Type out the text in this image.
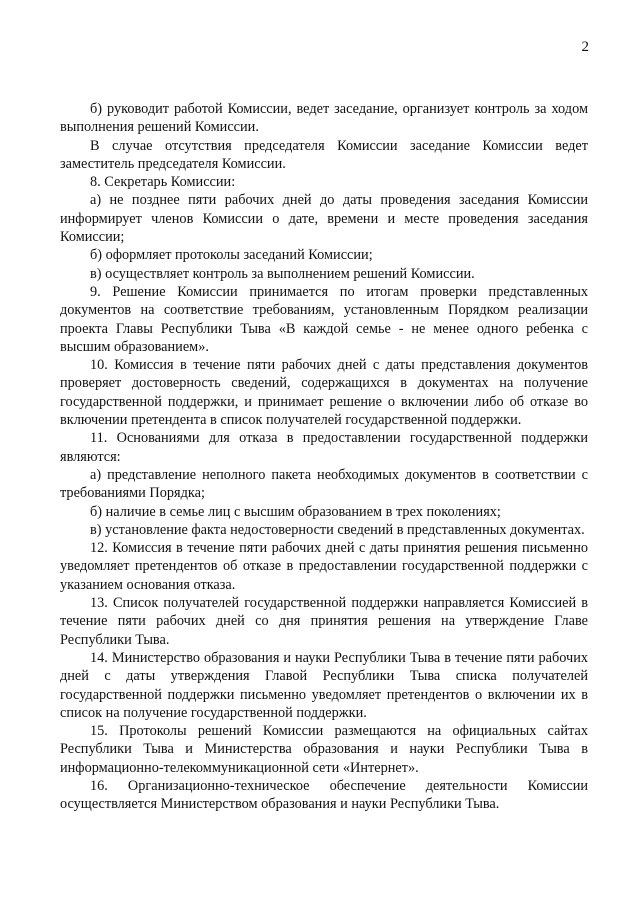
2

б) руководит работой Комиссии, ведет заседание, организует контроль за ходом выполнения решений Комиссии.

В случае отсутствия председателя Комиссии заседание Комиссии ведет заместитель председателя Комиссии.

8. Секретарь Комиссии:

а) не позднее пяти рабочих дней до даты проведения заседания Комиссии информирует членов Комиссии о дате, времени и месте проведения заседания Комиссии;

б) оформляет протоколы заседаний Комиссии;

в) осуществляет контроль за выполнением решений Комиссии.

9. Решение Комиссии принимается по итогам проверки представленных документов на соответствие требованиям, установленным Порядком реализации проекта Главы Республики Тыва «В каждой семье - не менее одного ребенка с высшим образованием».

10. Комиссия в течение пяти рабочих дней с даты представления документов проверяет достоверность сведений, содержащихся в документах на получение государственной поддержки, и принимает решение о включении либо об отказе во включении претендента в список получателей государственной поддержки.

11. Основаниями для отказа в предоставлении государственной поддержки являются:

а) представление неполного пакета необходимых документов в соответствии с требованиями Порядка;

б) наличие в семье лиц с высшим образованием в трех поколениях;

в) установление факта недостоверности сведений в представленных документах.

12. Комиссия в течение пяти рабочих дней с даты принятия решения письменно уведомляет претендентов об отказе в предоставлении государственной поддержки с указанием основания отказа.

13. Список получателей государственной поддержки направляется Комиссией в течение пяти рабочих дней со дня принятия решения на утверждение Главе Республики Тыва.

14. Министерство образования и науки Республики Тыва в течение пяти рабочих дней с даты утверждения Главой Республики Тыва списка получателей государственной поддержки письменно уведомляет претендентов о включении их в список на получение государственной поддержки.

15. Протоколы решений Комиссии размещаются на официальных сайтах Республики Тыва и Министерства образования и науки Республики Тыва в информационно-телекоммуникационной сети «Интернет».

16. Организационно-техническое обеспечение деятельности Комиссии осуществляется Министерством образования и науки Республики Тыва.
